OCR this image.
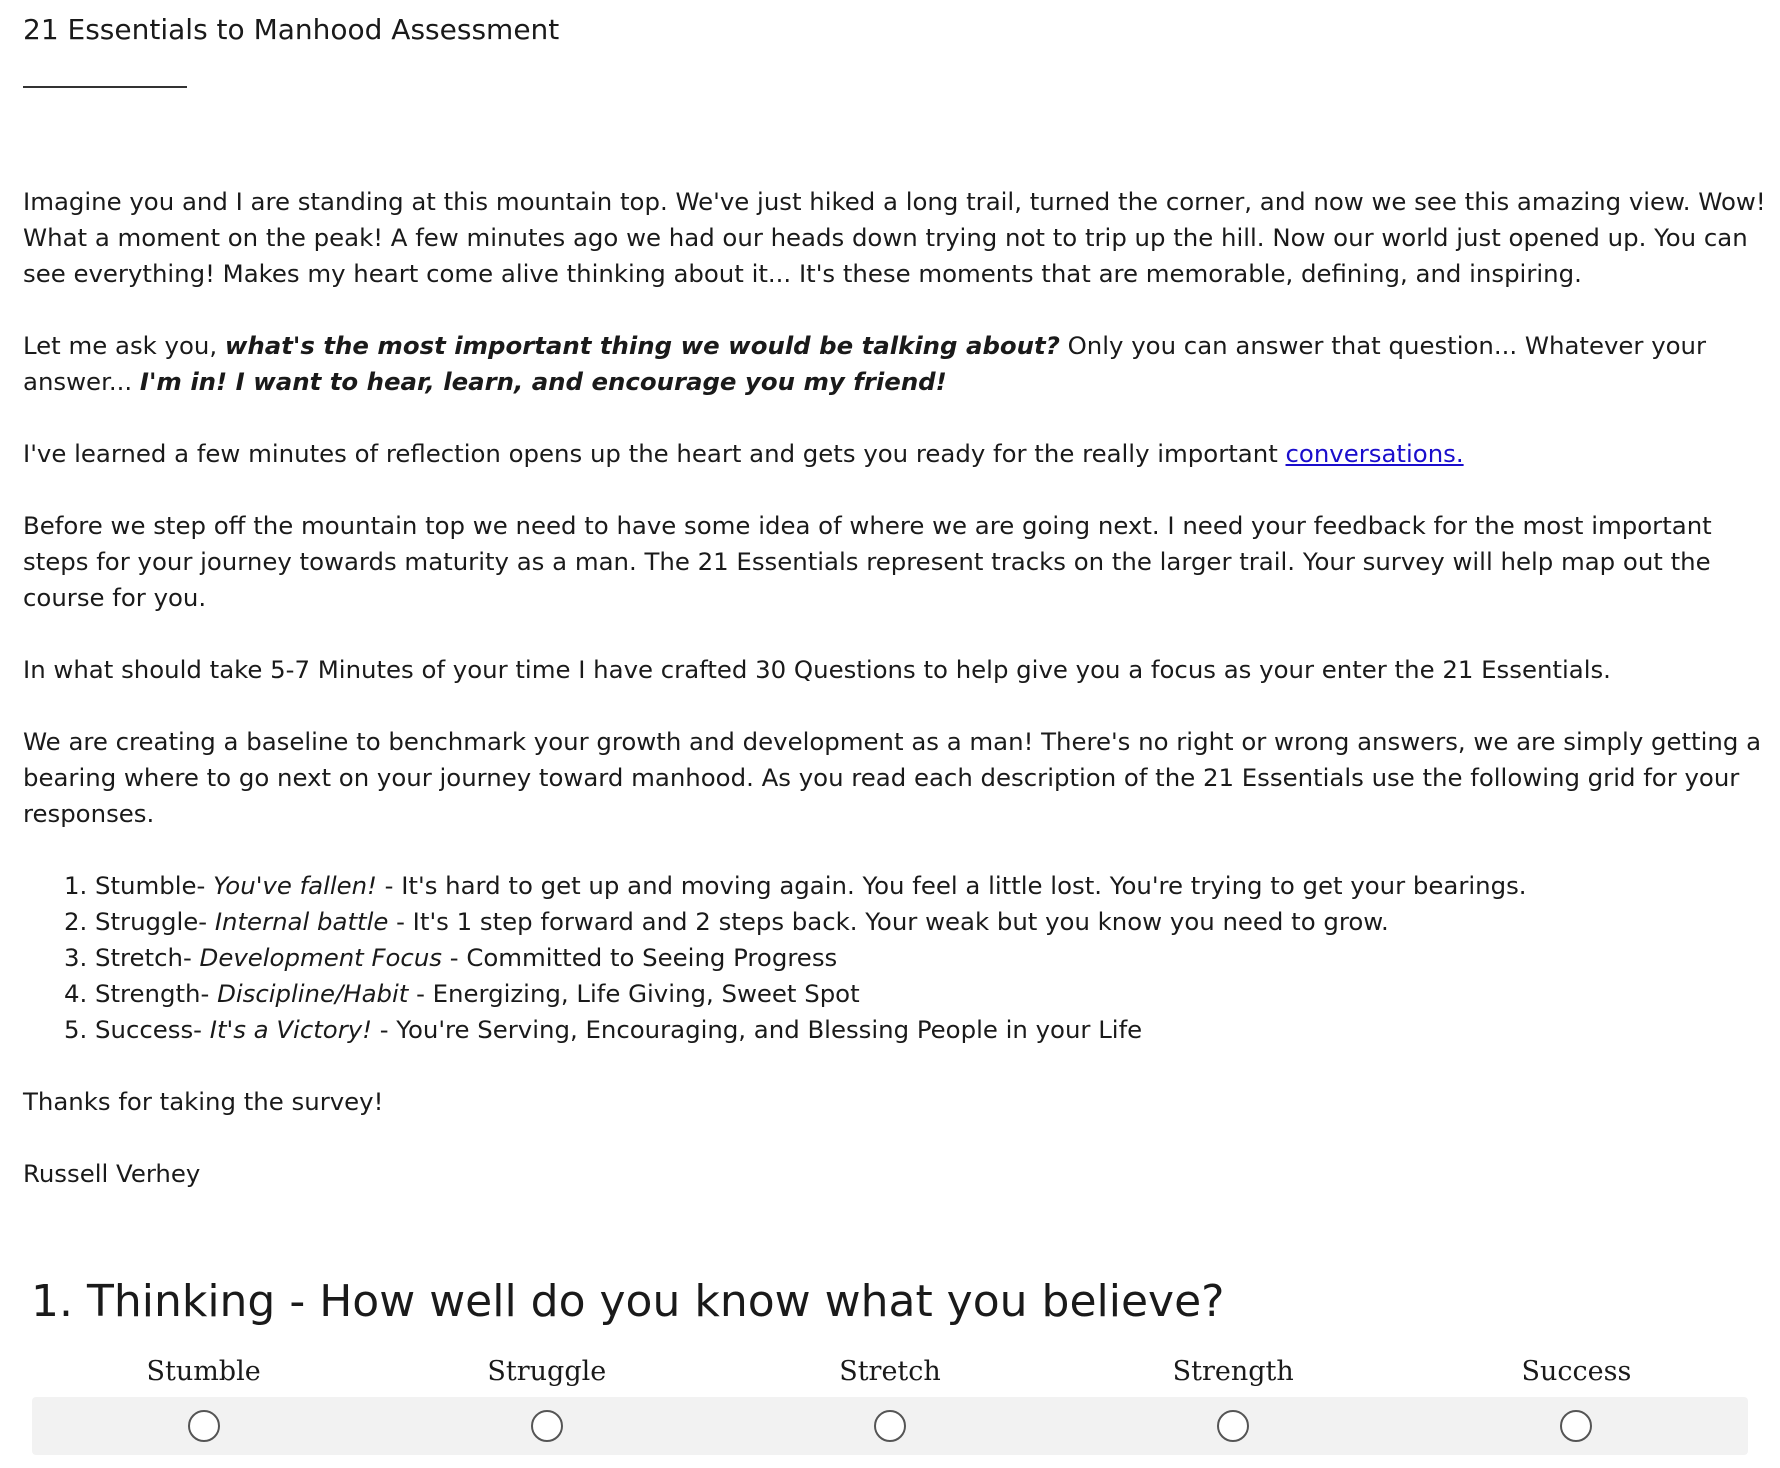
21 Essentials to Manhood Assessment

Imagine you and I are standing at this mountain top. We've just hiked a long trail, turned the corner, and now we see this amazing view. Wow! What a moment on the peak! A few minutes ago we had our heads down trying not to trip up the hill. Now our world just opened up. You can see everything! Makes my heart come alive thinking about it... It's these moments that are memorable, defining, and inspiring.

Let me ask you, what's the most important thing we would be talking about? Only you can answer that question... Whatever your answer... I'm in! I want to hear, learn, and encourage you my friend!

I've learned a few minutes of reflection opens up the heart and gets you ready for the really important conversations.

Before we step off the mountain top we need to have some idea of where we are going next. I need your feedback for the most important steps for your journey towards maturity as a man. The 21 Essentials represent tracks on the larger trail. Your survey will help map out the course for you.

In what should take 5-7 Minutes of your time I have crafted 30 Questions to help give you a focus as your enter the 21 Essentials.

We are creating a baseline to benchmark your growth and development as a man! There's no right or wrong answers, we are simply getting a bearing where to go next on your journey toward manhood. As you read each description of the 21 Essentials use the following grid for your responses.

1. Stumble- You've fallen! - It's hard to get up and moving again. You feel a little lost. You're trying to get your bearings.
2. Struggle- Internal battle - It's 1 step forward and 2 steps back. Your weak but you know you need to grow.
3. Stretch- Development Focus - Committed to Seeing Progress
4. Strength- Discipline/Habit - Energizing, Life Giving, Sweet Spot
5. Success- It's a Victory! - You're Serving, Encouraging, and Blessing People in your Life

Thanks for taking the survey!

Russell Verhey

1. Thinking - How well do you know what you believe?
Stumble	Struggle	Stretch	Strength	Success
